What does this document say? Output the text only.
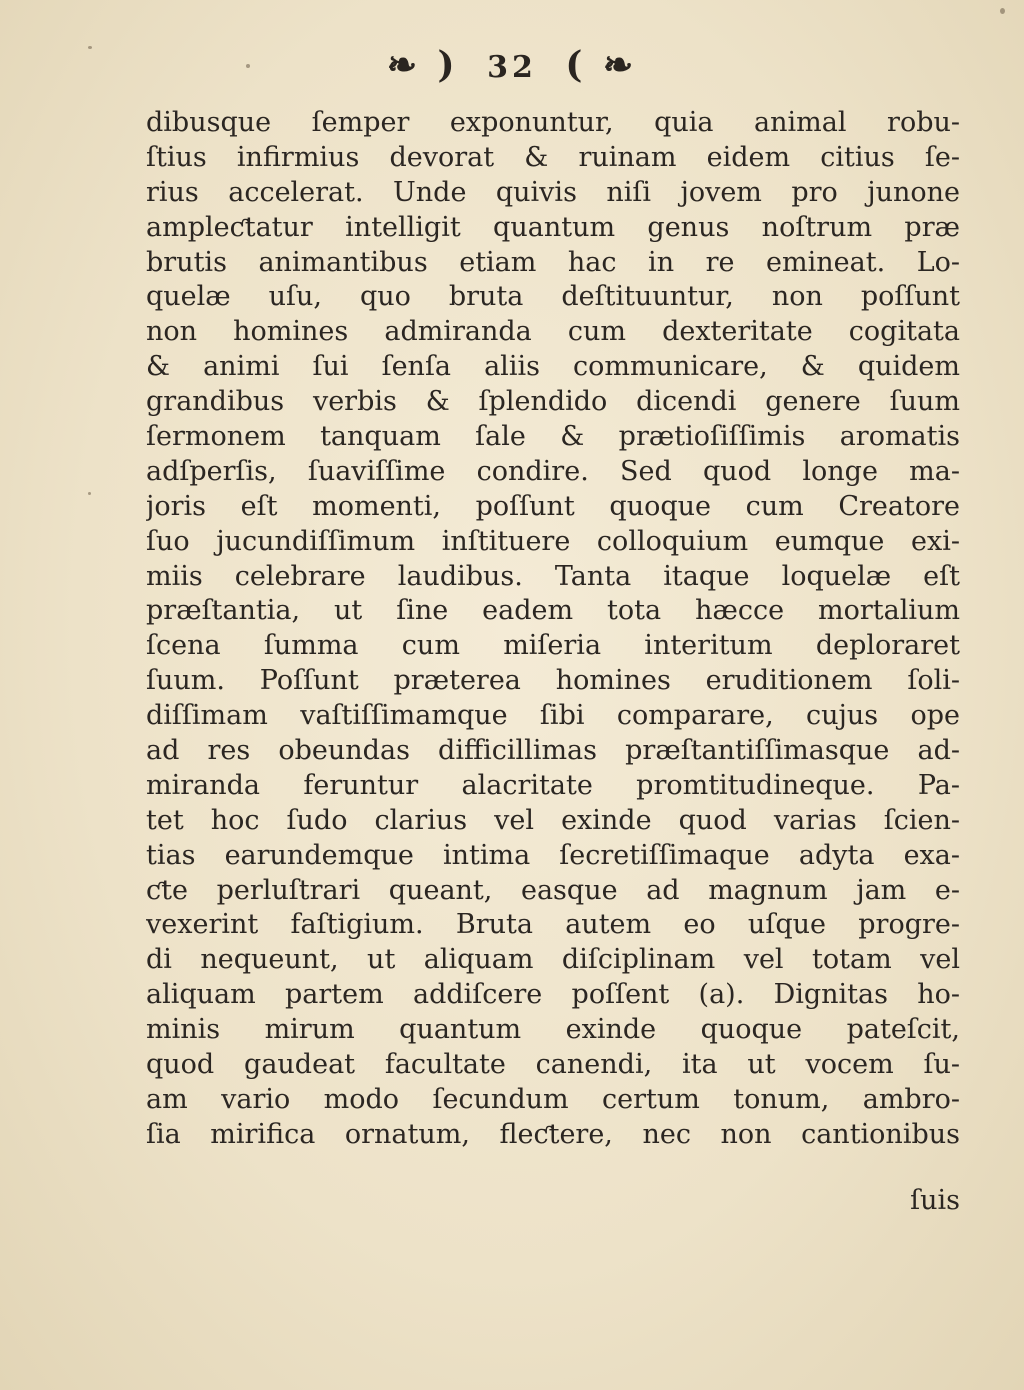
❧ ) 32 ( ❧
dibusque ſemper exponuntur, quia animal robu-
ſtius infirmius devorat & ruinam eidem citius ſe-
rius accelerat. Unde quivis niſi jovem pro junone
ampleƈtatur intelligit quantum genus noſtrum præ
brutis animantibus etiam hac in re emineat. Lo-
quelæ uſu, quo bruta deſtituuntur, non poſſunt
non homines admiranda cum dexteritate cogitata
& animi ſui ſenſa aliis communicare, & quidem
grandibus verbis & ſplendido dicendi genere ſuum
ſermonem tanquam ſale & prætioſiſſimis aromatis
adſperſis, ſuaviſſime condire. Sed quod longe ma-
joris eſt momenti, poſſunt quoque cum Creatore
ſuo jucundiſſimum inſtituere colloquium eumque exi-
miis celebrare laudibus. Tanta itaque loquelæ eſt
præſtantia, ut ſine eadem tota hæcce mortalium
ſcena ſumma cum miſeria interitum deploraret
ſuum. Poſſunt præterea homines eruditionem ſoli-
diſſimam vaſtiſſimamque ſibi comparare, cujus ope
ad res obeundas difficillimas præſtantiſſimasque ad-
miranda feruntur alacritate promtitudineque. Pa-
tet hoc ſudo clarius vel exinde quod varias ſcien-
tias earundemque intima ſecretiſſimaque adyta exa-
ƈte perluſtrari queant, easque ad magnum jam e-
vexerint faſtigium. Bruta autem eo uſque progre-
di nequeunt, ut aliquam diſciplinam vel totam vel
aliquam partem addiſcere poſſent (a). Dignitas ho-
minis mirum quantum exinde quoque pateſcit,
quod gaudeat facultate canendi, ita ut vocem ſu-
am vario modo ſecundum certum tonum, ambro-
ſia mirifica ornatum, fleƈtere, nec non cantionibus
ſuis
